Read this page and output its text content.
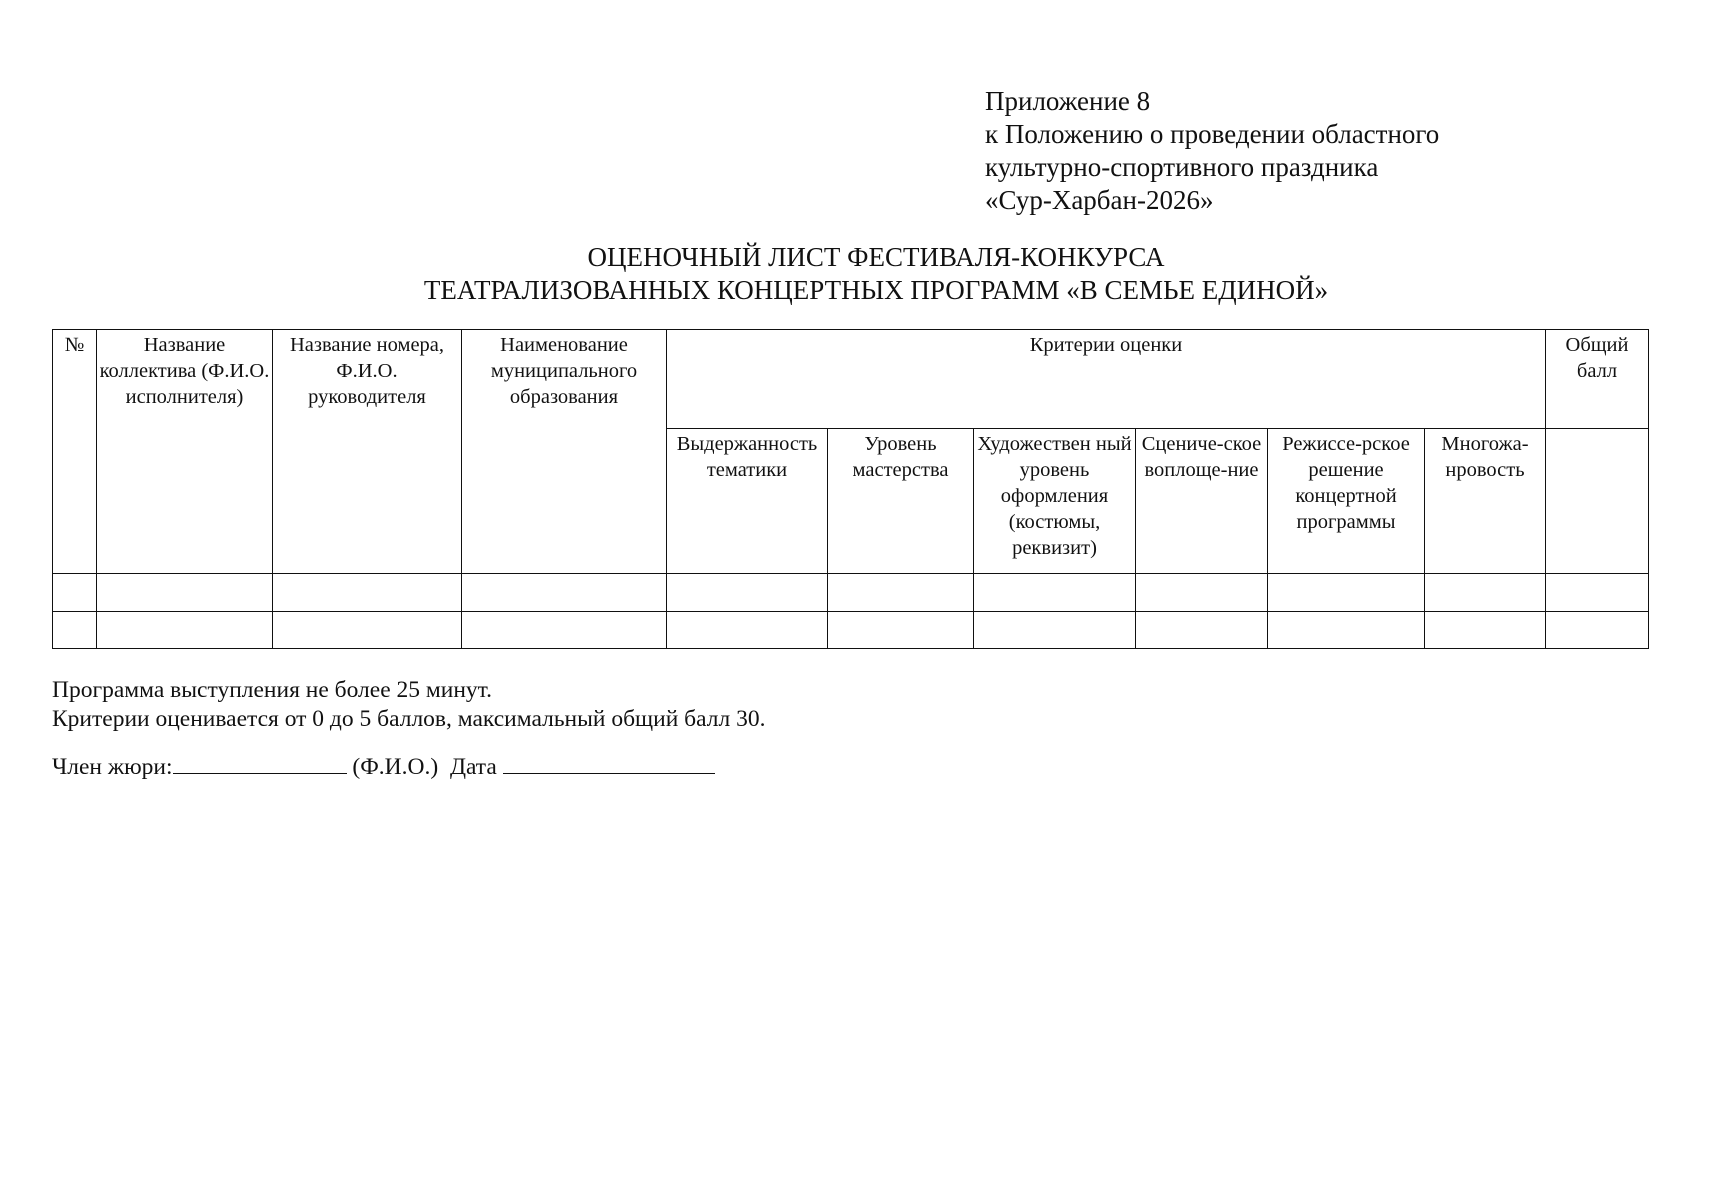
Приложение 8
к Положению о проведении областного
культурно-спортивного праздника
«Сур-Харбан-2026»
ОЦЕНОЧНЫЙ ЛИСТ ФЕСТИВАЛЯ-КОНКУРСА
ТЕАТРАЛИЗОВАННЫХ КОНЦЕРТНЫХ ПРОГРАММ «В СЕМЬЕ ЕДИНОЙ»
№	Название коллектива (Ф.И.О. исполнителя)	Название номера, Ф.И.О. руководителя	Наименование муниципального образования	Критерии оценки						Общий балл
				Выдержанность тематики	Уровень мастерства	Художествен ный уровень оформления (костюмы, реквизит)	Сцениче-ское воплоще-ние	Режиссе-рское решение концертной программы	Многожа-нровость	

Программа выступления не более 25 минут.
Критерии оценивается от 0 до 5 баллов, максимальный общий балл 30.
Член жюри:	(Ф.И.О.) Дата
